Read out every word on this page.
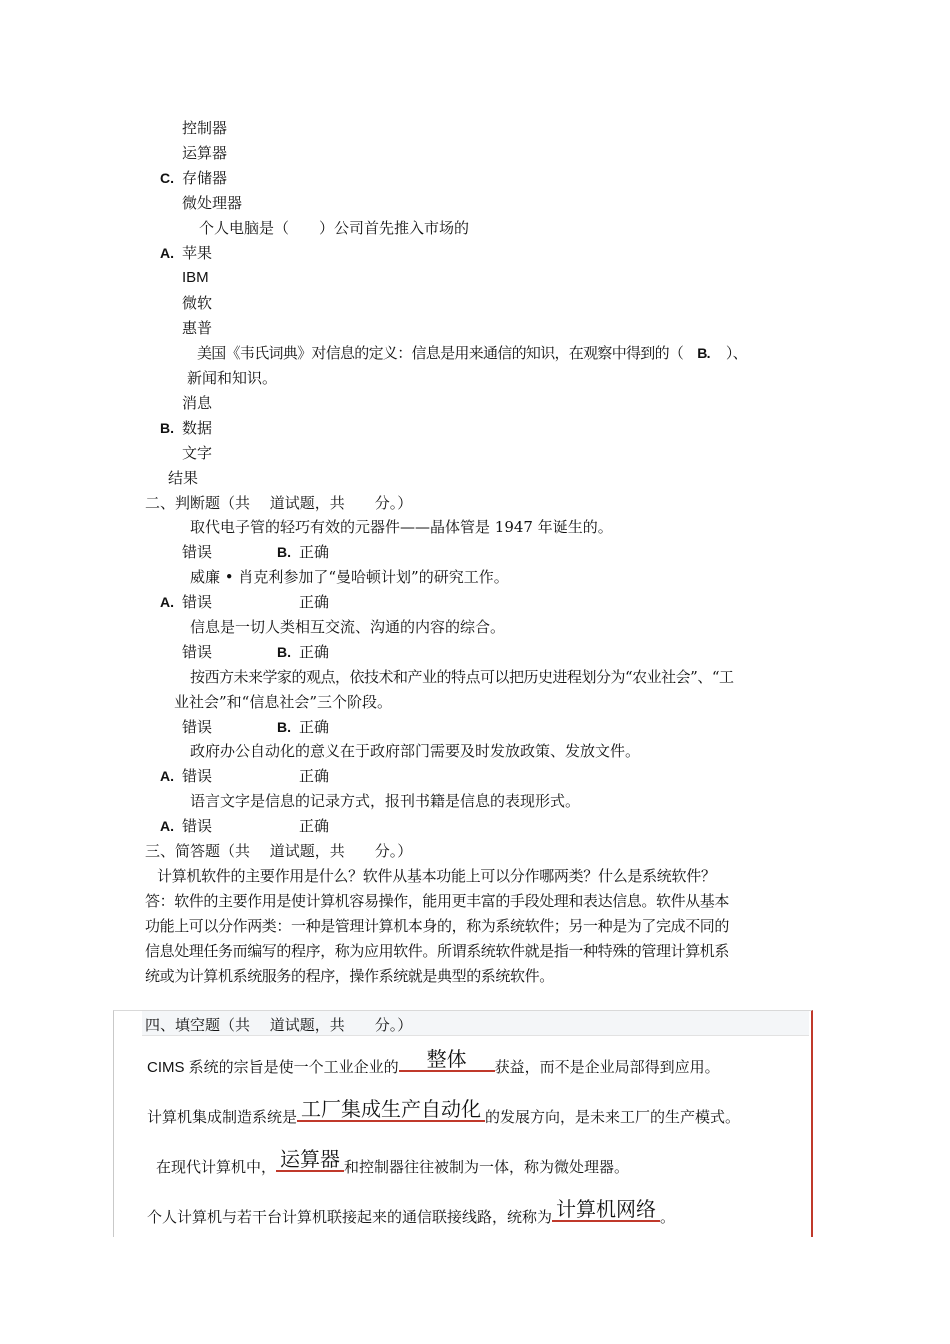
控制器
运算器
C. 存储器
微处理器
个人电脑是（　　）公司首先推入市场的
A. 苹果
IBM
微软
惠普
美国《韦氏词典》对信息的定义：信息是用来通信的知识，在观察中得到的（ B. ）、
新闻和知识。
消息
B. 数据
文字
结果
二、判断题（共　 道试题，共　　分。）
取代电子管的轻巧有效的元器件——晶体管是 1947 年诞生的。
错误	B. 正确
威廉 • 肖克利参加了“曼哈顿计划”的研究工作。
A. 错误	正确
信息是一切人类相互交流、沟通的内容的综合。
错误	B. 正确
按西方未来学家的观点，依技术和产业的特点可以把历史进程划分为“农业社会”、“工
业社会”和“信息社会”三个阶段。
错误	B. 正确
政府办公自动化的意义在于政府部门需要及时发放政策、发放文件。
A. 错误	正确
语言文字是信息的记录方式，报刊书籍是信息的表现形式。
A. 错误	正确
三、简答题（共　 道试题，共　　分。）
计算机软件的主要作用是什么？软件从基本功能上可以分作哪两类？什么是系统软件？
答：软件的主要作用是使计算机容易操作，能用更丰富的手段处理和表达信息。软件从基本
功能上可以分作两类：一种是管理计算机本身的，称为系统软件；另一种是为了完成不同的
信息处理任务而编写的程序，称为应用软件。所谓系统软件就是指一种特殊的管理计算机系
统或为计算机系统服务的程序，操作系统就是典型的系统软件。
四、填空题（共　 道试题，共　　分。）
CIMS 系统的宗旨是使一个工业企业的 整体 获益，而不是企业局部得到应用。
计算机集成制造系统是 工厂集成生产自动化 的发展方向，是未来工厂的生产模式。
在现代计算机中， 运算器 和控制器往往被制为一体，称为微处理器。
个人计算机与若干台计算机联接起来的通信联接线路，统称为 计算机网络 。
